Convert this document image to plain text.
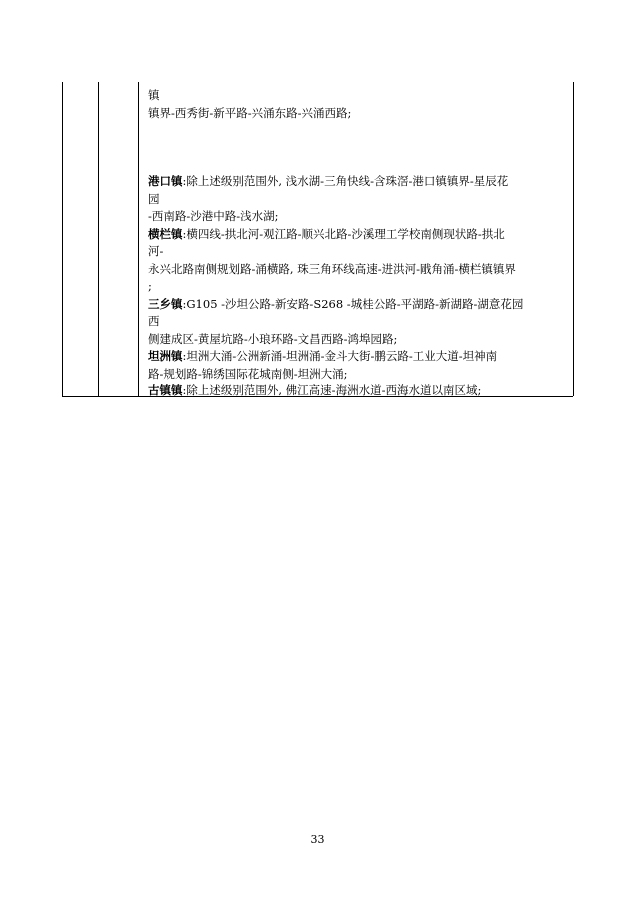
镇
镇界-西秀街-新平路-兴涌东路-兴涌西路;
港口镇:除上述级别范围外, 浅水湖-三角快线-含珠滘-港口镇镇界-星辰花
园
-西南路-沙港中路-浅水湖;
横栏镇:横四线-拱北河-观江路-顺兴北路-沙溪理工学校南侧现状路-拱北
河-
永兴北路南侧规划路-涌横路, 珠三角环线高速-进洪河-戙角涌-横栏镇镇界
;
三乡镇:G105 -沙坦公路-新安路-S268 -城桂公路-平湖路-新湖路-湖意花园
西
侧建成区-黄屋坑路-小琅环路-文昌西路-鸿埠园路;
坦洲镇:坦洲大涌-公洲新涌-坦洲涌-金斗大街-鹏云路-工业大道-坦神南
路-规划路-锦绣国际花城南侧-坦洲大涌;
古镇镇:除上述级别范围外, 佛江高速-海洲水道-西海水道以南区域;
33
